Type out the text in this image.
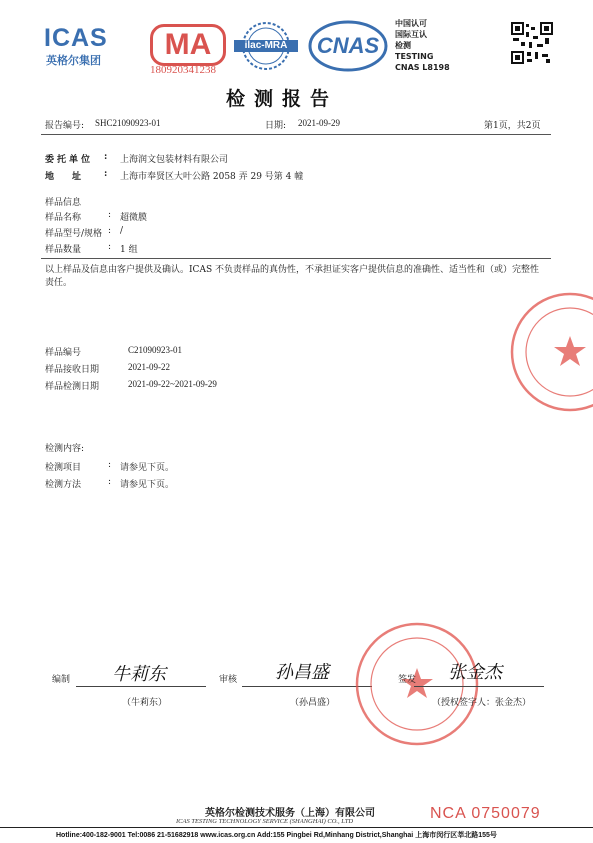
ICAS
英格尔集团	MA
180920341238
ilac-MRA	CNAS
中国认可
国际互认
检测
TESTING
CNAS L8198
检测报告
报告编号: SHC21090923-01	日期: 2021-09-29	第1页，共2页
委托单位 : 上海润文包装材料有限公司
地　　址	: 上海市奉贤区大叶公路 2058 弄 29 号第 4 幢
样品信息
样品名称	: 超微膜
样品型号/规格 : /
样品数量	: 1 组
以上样品及信息由客户提供及确认。ICAS 不负责样品的真伪性，不承担证实客户提供信息的准确性、适当性和（或）完整性责任。
样品编号	C21090923-01
样品接收日期	2021-09-22
样品检测日期	2021-09-22~2021-09-29
检测内容:
检测项目	: 请参见下页。
检测方法	: 请参见下页。
编制 牛莉东
（牛莉东）
审核 孙昌盛
（孙昌盛）
签发 张金杰
（授权签字人：张金杰）
英格尔检测技术服务（上海）有限公司
ICAS TESTING TECHNOLOGY SERVICE (SHANGHAI) CO., LTD	NCA 0750079
Hotline:400-182-9001 Tel:0086 21-51682918 www.icas.org.cn Add:155 Pingbei Rd,Minhang District,Shanghai 上海市闵行区莘北路155号
